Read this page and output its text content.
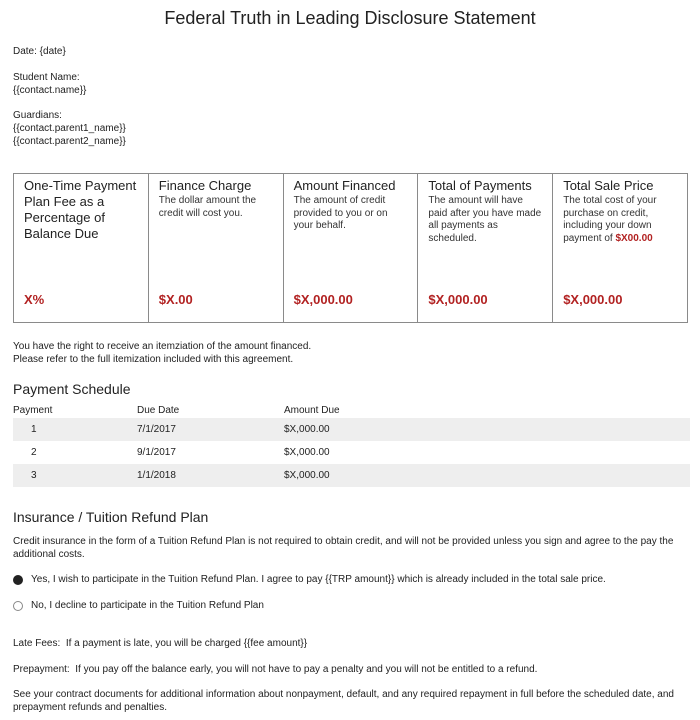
Federal Truth in Leading Disclosure Statement
Date: {date}
Student Name:
{{contact.name}}
Guardians:
{{contact.parent1_name}}
{{contact.parent2_name}}
One-Time Payment Plan Fee as a Percentage of Balance Due
X%
Finance Charge
The dollar amount the credit will cost you.
$X.00
Amount Financed
The amount of credit provided to you or on your behalf.
$X,000.00
Total of Payments
The amount will have paid after you have made all payments as scheduled.
$X,000.00
Total Sale Price
The total cost of your purchase on credit, including your down payment of $X00.00
$X,000.00
You have the right to receive an itemziation of the amount financed.
Please refer to the full itemization included with this agreement.
Payment Schedule
Payment	Due Date	Amount Due
1	7/1/2017	$X,000.00
2	9/1/2017	$X,000.00
3	1/1/2018	$X,000.00
Insurance / Tuition Refund Plan
Credit insurance in the form of a Tuition Refund Plan is not required to obtain credit, and will not be provided unless you sign and agree to the pay the additional costs.
Yes, I wish to participate in the Tuition Refund Plan. I agree to pay {{TRP amount}} which is already included in the total sale price.
No, I decline to participate in the Tuition Refund Plan
Late Fees: If a payment is late, you will be charged {{fee amount}}
Prepayment: If you pay off the balance early, you will not have to pay a penalty and you will not be entitled to a refund.
See your contract documents for additional information about nonpayment, default, and any required repayment in full before the scheduled date, and prepayment refunds and penalties.
